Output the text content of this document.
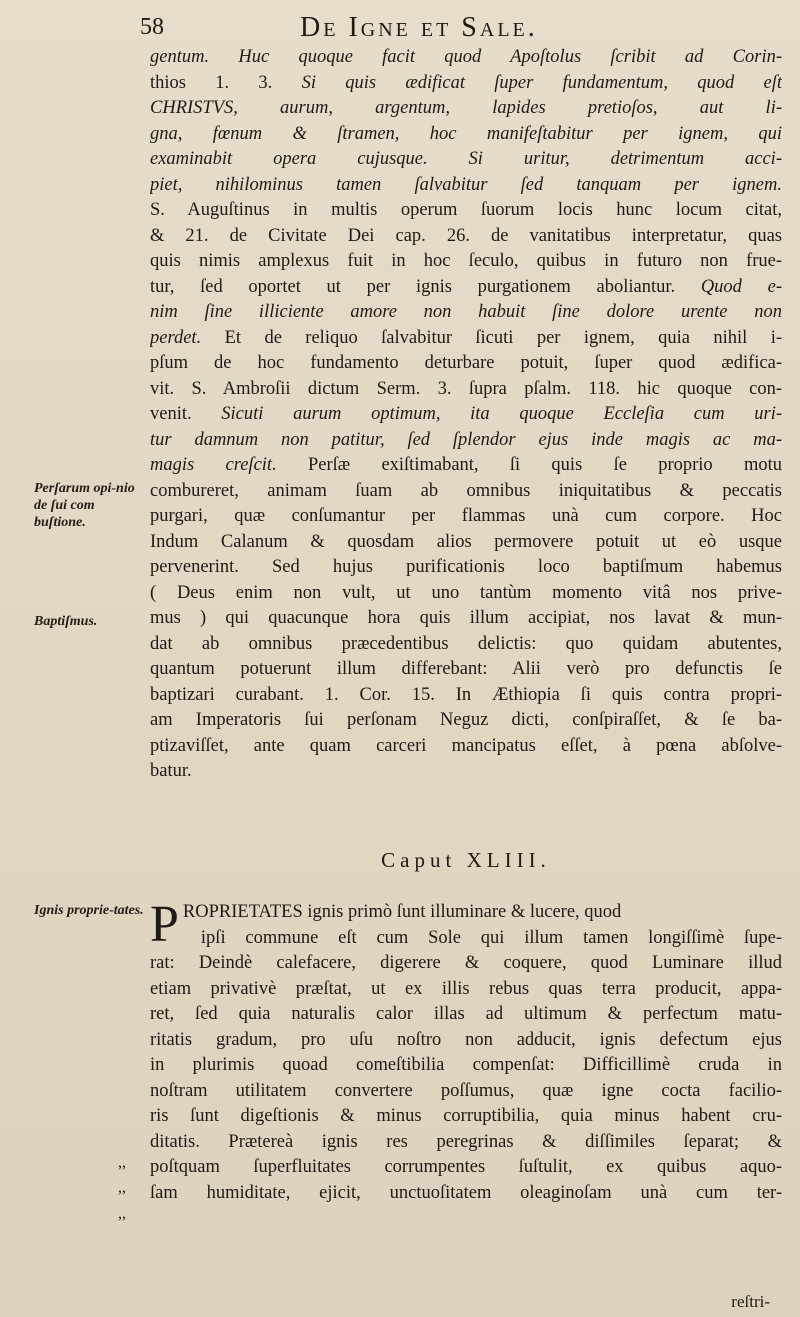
58	De Igne et Sale.
gentum. Huc quoque facit quod Apoſtolus ſcribit ad Corin-
thios 1. 3. Si quis ædificat ſuper fundamentum, quod eſt
CHRISTVS, aurum, argentum, lapides pretioſos, aut li-
gna, fœnum & ſtramen, hoc manifeſtabitur per ignem, qui
examinabit opera cujusque. Si uritur, detrimentum acci-
piet, nihilominus tamen ſalvabitur ſed tanquam per ignem.
S. Auguſtinus in multis operum ſuorum locis hunc locum citat,
& 21. de Civitate Dei cap. 26. de vanitatibus interpretatur, quas
quis nimis amplexus fuit in hoc ſeculo, quibus in futuro non frue-
tur, ſed oportet ut per ignis purgationem aboliantur. Quod e-
nim ſine illiciente amore non habuit ſine dolore urente non
perdet. Et de reliquo ſalvabitur ſicuti per ignem, quia nihil i-
pſum de hoc fundamento deturbare potuit, ſuper quod ædifica-
vit. S. Ambroſii dictum Serm. 3. ſupra pſalm. 118. hic quoque con-
venit. Sicuti aurum optimum, ita quoque Eccleſia cum uri-
tur damnum non patitur, ſed ſplendor ejus inde magis ac ma-
magis creſcit. Perſæ exiſtimabant, ſi quis ſe proprio motu
combureret, animam ſuam ab omnibus iniquitatibus & peccatis
purgari, quæ conſumantur per flammas unà cum corpore. Hoc
Indum Calanum & quosdam alios permovere potuit ut eò usque
pervenerint. Sed hujus purificationis loco baptiſmum habemus
( Deus enim non vult, ut uno tantùm momento vitâ nos prive-
mus ) qui quacunque hora quis illum accipiat, nos lavat & mun-
dat ab omnibus præcedentibus delictis: quo quidam abutentes,
quantum potuerunt illum differebant: Alii verò pro defunctis ſe
baptizari curabant. 1. Cor. 15. In Æthiopia ſi quis contra propri-
am Imperatoris ſui perſonam Neguz dicti, conſpiraſſet, & ſe ba-
ptizaviſſet, ante quam carceri mancipatus eſſet, à pœna abſolve-
batur.
Caput XLIII.
P ROPRIETATES ignis primò ſunt illuminare & lucere, quod
ipſi commune eſt cum Sole qui illum tamen longiſſimè ſupe-
rat: Deindè calefacere, digerere & coquere, quod Luminare illud
etiam privativè præſtat, ut ex illis rebus quas terra producit, appa-
ret, ſed quia naturalis calor illas ad ultimum & perfectum matu-
ritatis gradum, pro uſu noſtro non adducit, ignis defectum ejus
in plurimis quoad comeſtibilia compenſat: Difficillimè cruda in
noſtram utilitatem convertere poſſumus, quæ igne cocta facilio-
ris ſunt digeſtionis & minus corruptibilia, quia minus habent cru-
ditatis. Prætereà ignis res peregrinas & diſſimiles ſeparat; &
poſtquam ſuperfluitates corrumpentes ſuſtulit, ex quibus aquo-
ſam humiditate, ejicit, unctuoſitatem oleaginoſam unà cum ter-
Perſarum opi-nio de ſui com buſtione.
Baptiſmus.
Ignis proprie-tates.
,,
,,
,,
reſtri-
